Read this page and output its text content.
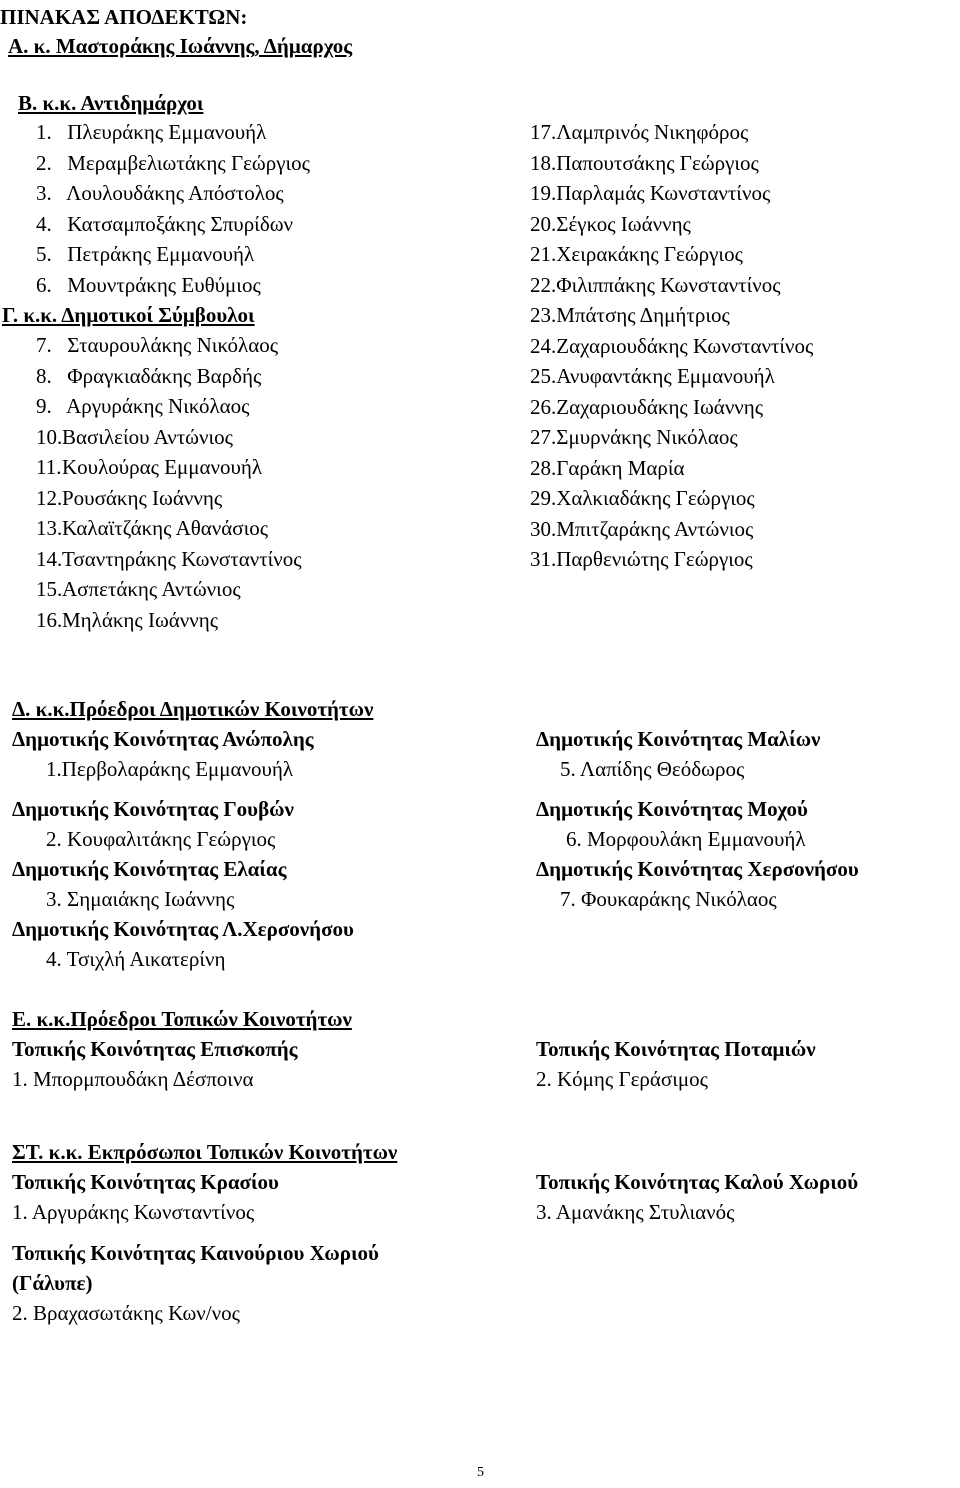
ΠΙΝΑΚΑΣ ΑΠΟΔΕΚΤΩΝ:
Α. κ. Μαστοράκης Ιωάννης, Δήμαρχος
Β. κ.κ. Αντιδημάρχοι
1. Πλευράκης Εμμανουήλ
2. Μεραμβελιωτάκης Γεώργιος
3. Λουλουδάκης Απόστολος
4. Κατσαμποξάκης Σπυρίδων
5. Πετράκης Εμμανουήλ
6. Μουντράκης Ευθύμιος
Γ. κ.κ. Δημοτικοί Σύμβουλοι
7. Σταυρουλάκης Νικόλαος
8. Φραγκιαδάκης Βαρδής
9. Αργυράκης Νικόλαος
10.Βασιλείου Αντώνιος
11.Κουλούρας Εμμανουήλ
12.Ρουσάκης Ιωάννης
13.Καλαϊτζάκης Αθανάσιος
14.Τσαντηράκης Κωνσταντίνος
15.Ασπετάκης Αντώνιος
16.Μηλάκης Ιωάννης
17.Λαμπρινός Νικηφόρος
18.Παπουτσάκης Γεώργιος
19.Παρλαμάς Κωνσταντίνος
20.Σέγκος Ιωάννης
21.Χειρακάκης Γεώργιος
22.Φιλιππάκης Κωνσταντίνος
23.Μπάτσης Δημήτριος
24.Ζαχαριουδάκης Κωνσταντίνος
25.Ανυφαντάκης Εμμανουήλ
26.Ζαχαριουδάκης Ιωάννης
27.Σμυρνάκης Νικόλαος
28.Γαράκη Μαρία
29.Χαλκιαδάκης Γεώργιος
30.Μπιτζαράκης Αντώνιος
31.Παρθενιώτης Γεώργιος
Δ. κ.κ.Πρόεδροι Δημοτικών Κοινοτήτων
Δημοτικής Κοινότητας Ανώπολης
1.Περβολαράκης Εμμανουήλ
Δημοτικής Κοινότητας Γουβών
2. Κουφαλιτάκης Γεώργιος
Δημοτικής Κοινότητας Ελαίας
3. Σημαιάκης Ιωάννης
Δημοτικής Κοινότητας Λ.Χερσονήσου
4. Τσιχλή Αικατερίνη
Δημοτικής Κοινότητας Μαλίων
5. Λαπίδης Θεόδωρος
Δημοτικής Κοινότητας Μοχού
6. Μορφουλάκη Εμμανουήλ
Δημοτικής Κοινότητας Χερσονήσου
7. Φουκαράκης Νικόλαος
Ε. κ.κ.Πρόεδροι Τοπικών Κοινοτήτων
Τοπικής Κοινότητας Επισκοπής
1. Μπορμπουδάκη Δέσποινα
Τοπικής Κοινότητας Ποταμιών
2. Κόμης Γεράσιμος
ΣΤ. κ.κ. Εκπρόσωποι Τοπικών Κοινοτήτων
Τοπικής Κοινότητας Κρασίου
1. Αργυράκης Κωνσταντίνος
Τοπικής Κοινότητας Καλού Χωριού
3. Αμανάκης Στυλιανός
Τοπικής Κοινότητας Καινούριου Χωριού
(Γάλυπε)
2. Βραχασωτάκης Κων/νος
5
